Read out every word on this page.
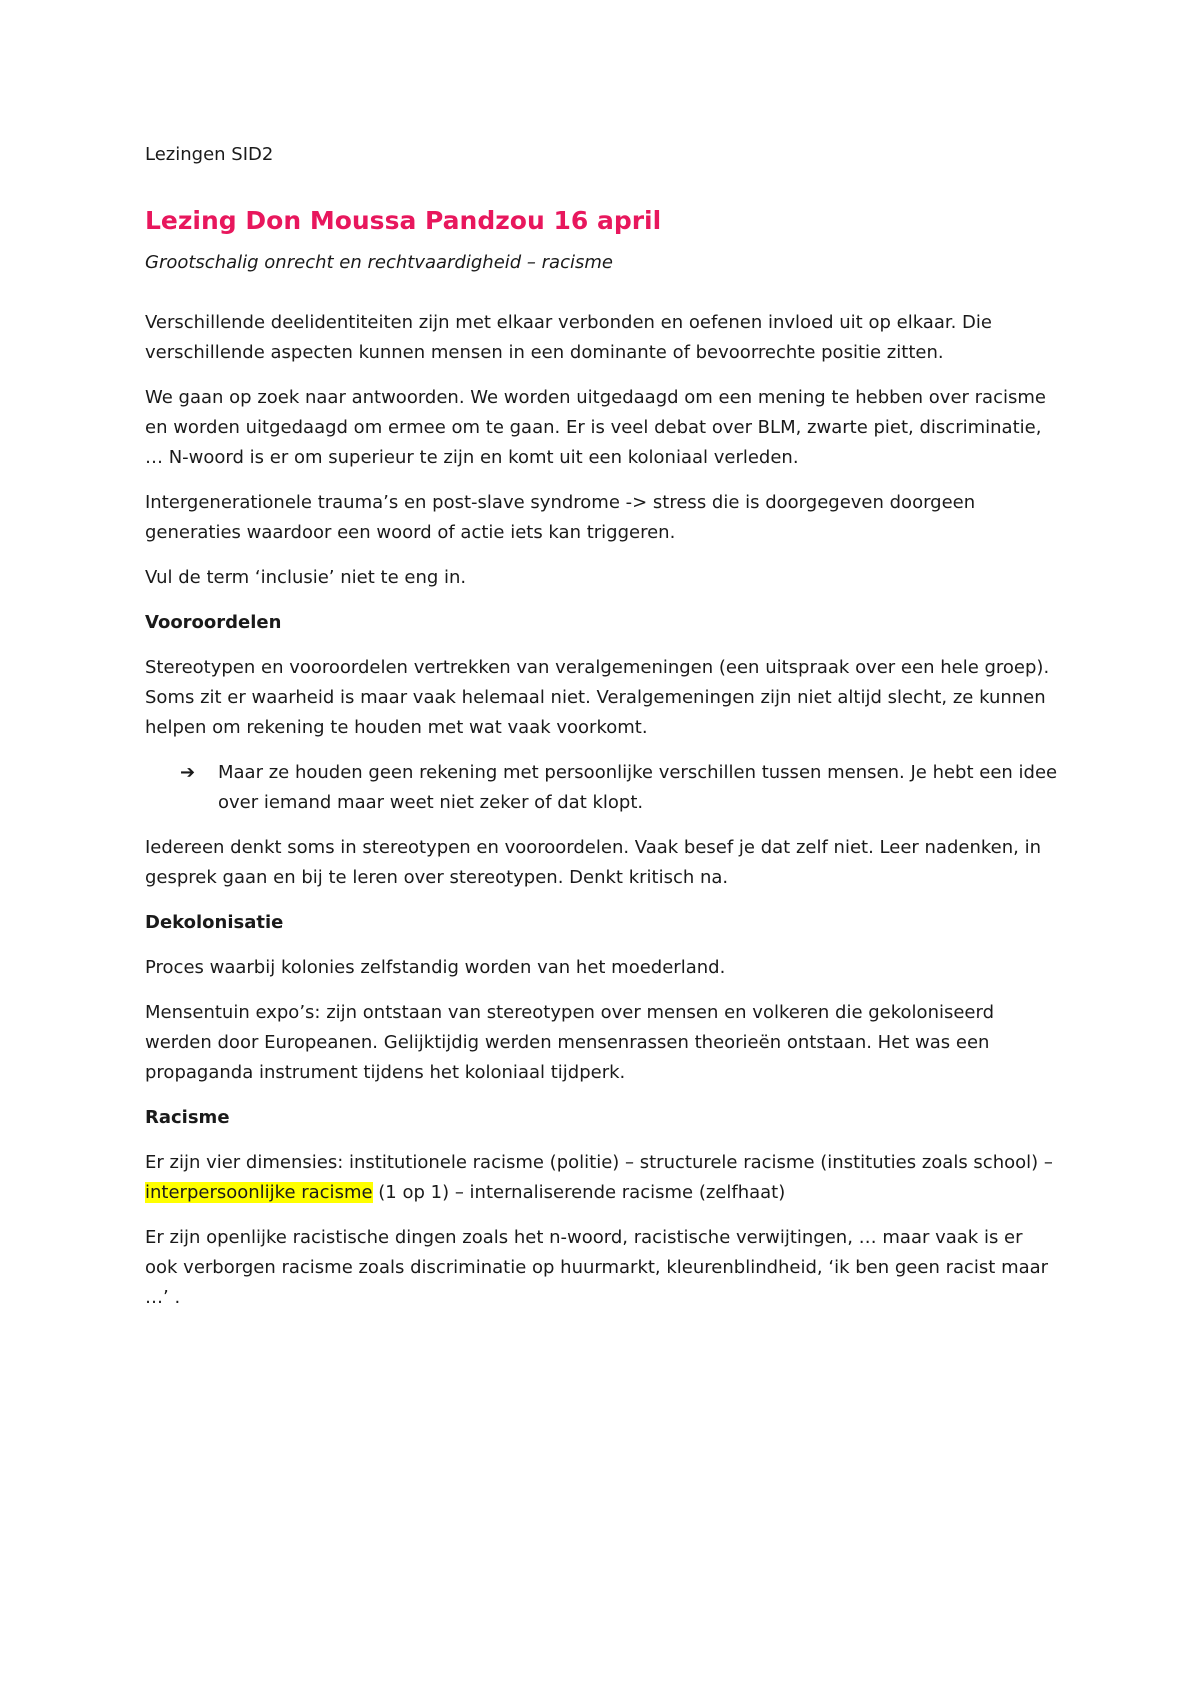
Lezingen SID2
Lezing Don Moussa Pandzou 16 april
Grootschalig onrecht en rechtvaardigheid – racisme

Verschillende deelidentiteiten zijn met elkaar verbonden en oefenen invloed uit op elkaar. Die verschillende aspecten kunnen mensen in een dominante of bevoorrechte positie zitten.

We gaan op zoek naar antwoorden. We worden uitgedaagd om een mening te hebben over racisme en worden uitgedaagd om ermee om te gaan. Er is veel debat over BLM, zwarte piet, discriminatie, … N-woord is er om superieur te zijn en komt uit een koloniaal verleden.

Intergenerationele trauma’s en post-slave syndrome -> stress die is doorgegeven doorgeen generaties waardoor een woord of actie iets kan triggeren.

Vul de term ‘inclusie’ niet te eng in.

Vooroordelen

Stereotypen en vooroordelen vertrekken van veralgemeningen (een uitspraak over een hele groep). Soms zit er waarheid is maar vaak helemaal niet. Veralgemeningen zijn niet altijd slecht, ze kunnen helpen om rekening te houden met wat vaak voorkomt.

➔ Maar ze houden geen rekening met persoonlijke verschillen tussen mensen. Je hebt een idee over iemand maar weet niet zeker of dat klopt.

Iedereen denkt soms in stereotypen en vooroordelen. Vaak besef je dat zelf niet. Leer nadenken, in gesprek gaan en bij te leren over stereotypen. Denkt kritisch na.

Dekolonisatie

Proces waarbij kolonies zelfstandig worden van het moederland.

Mensentuin expo’s: zijn ontstaan van stereotypen over mensen en volkeren die gekoloniseerd werden door Europeanen. Gelijktijdig werden mensenrassen theorieën ontstaan. Het was een propaganda instrument tijdens het koloniaal tijdperk.

Racisme

Er zijn vier dimensies: institutionele racisme (politie) – structurele racisme (instituties zoals school) – interpersoonlijke racisme (1 op 1) – internaliserende racisme (zelfhaat)

Er zijn openlijke racistische dingen zoals het n-woord, racistische verwijtingen, … maar vaak is er ook verborgen racisme zoals discriminatie op huurmarkt, kleurenblindheid, ‘ik ben geen racist maar …’ .
